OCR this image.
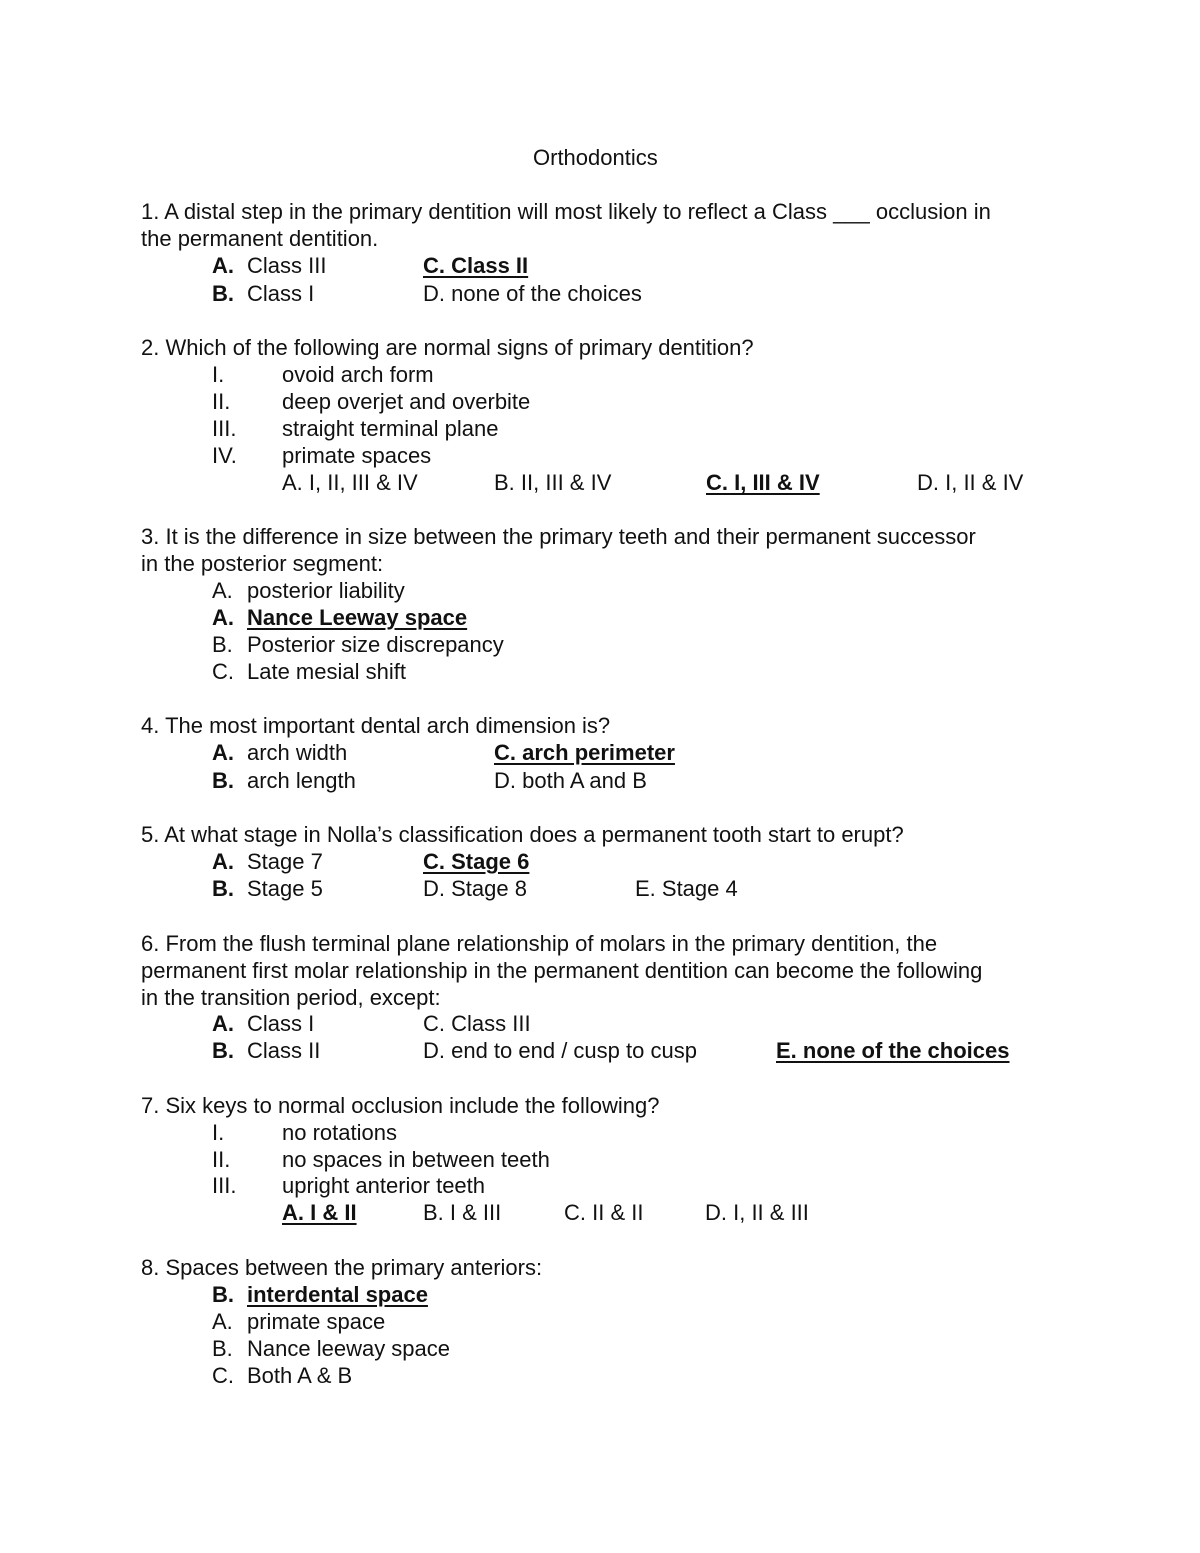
Orthodontics
1. A distal step in the primary dentition will most likely to reflect a Class ___ occlusion in
the permanent dentition.
A. Class III	C. Class II
B. Class I	D. none of the choices
2. Which of the following are normal signs of primary dentition?
I.	ovoid arch form
II. deep overjet and overbite
III. straight terminal plane
IV. primate spaces
A. I, II, III & IV	B. II, III & IV	C. I, III & IV	D. I, II & IV
3. It is the difference in size between the primary teeth and their permanent successor
in the posterior segment:
A. posterior liability
A. Nance Leeway space
B. Posterior size discrepancy
C. Late mesial shift
4. The most important dental arch dimension is?
A. arch width	C. arch perimeter
B. arch length	D. both A and B
5. At what stage in Nolla’s classification does a permanent tooth start to erupt?
A. Stage 7	C. Stage 6
B. Stage 5	D. Stage 8	E. Stage 4
6. From the flush terminal plane relationship of molars in the primary dentition, the
permanent first molar relationship in the permanent dentition can become the following
in the transition period, except:
A. Class I	C. Class III
B. Class II	D. end to end / cusp to cusp	E. none of the choices
7. Six keys to normal occlusion include the following?
I.	no rotations
II. no spaces in between teeth
III. upright anterior teeth
A. I & II	B. I & III	C. II & II	D. I, II & III
8. Spaces between the primary anteriors:
B. interdental space
A. primate space
B. Nance leeway space
C. Both A & B
